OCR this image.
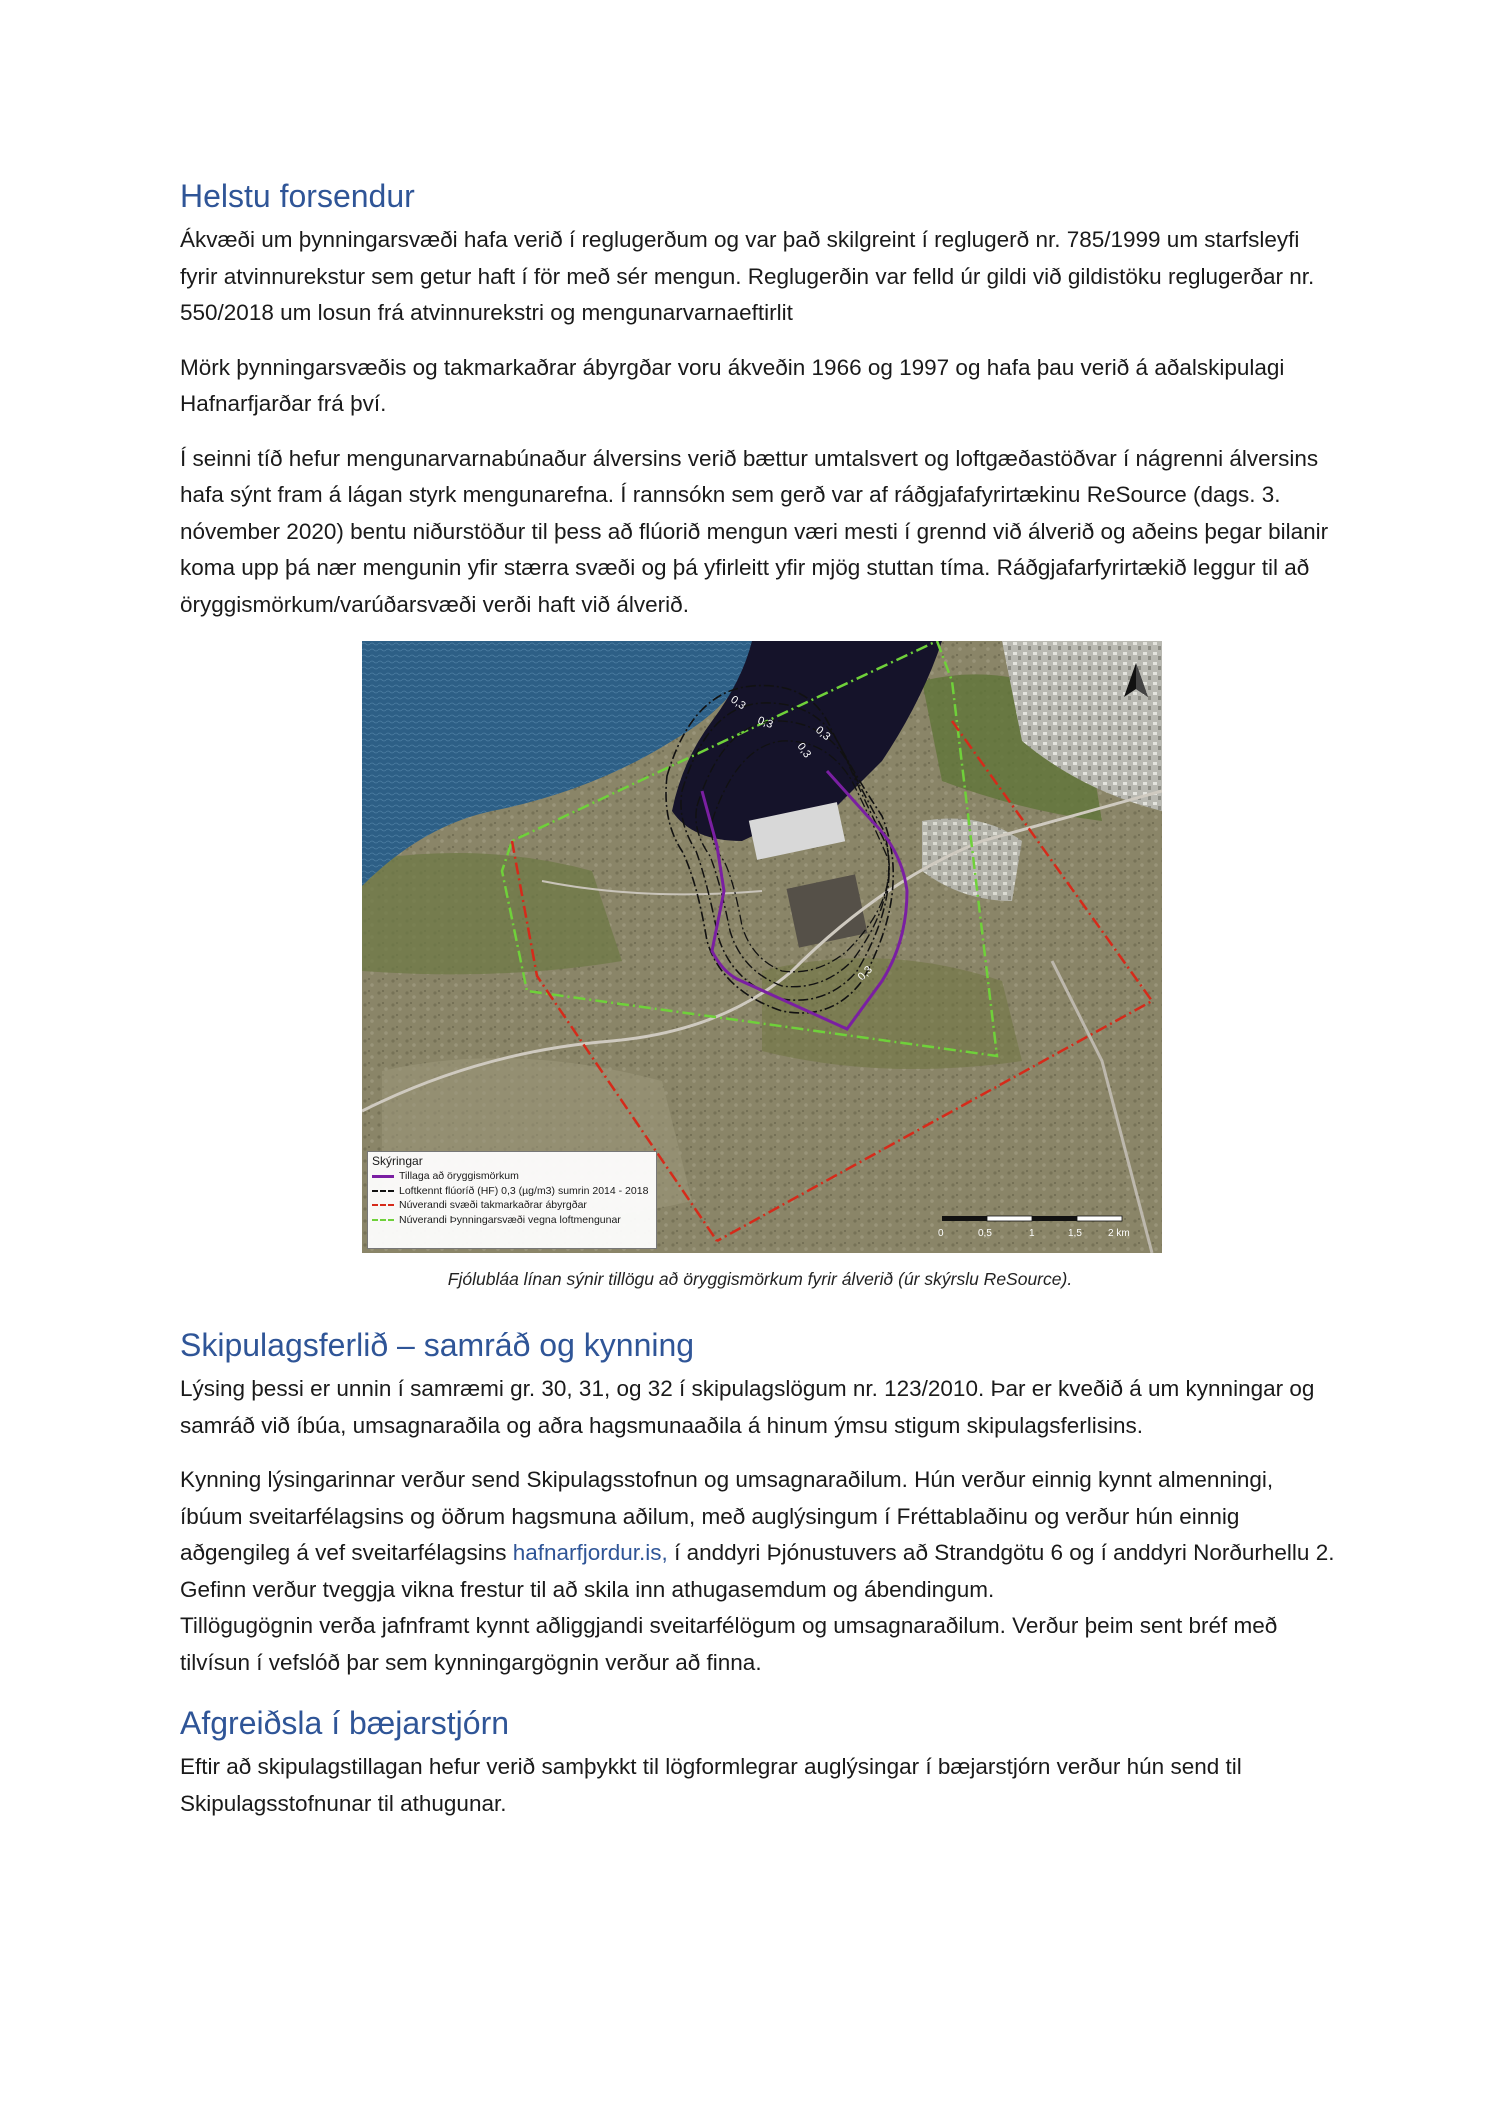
Helstu forsendur

Ákvæði um þynningarsvæði hafa verið í reglugerðum og var það skilgreint í reglugerð nr. 785/1999 um starfsleyfi fyrir atvinnurekstur sem getur haft í för með sér mengun. Reglugerðin var felld úr gildi við gildistöku reglugerðar nr. 550/2018 um losun frá atvinnurekstri og mengunarvarnaeftirlit

Mörk þynningarsvæðis og takmarkaðrar ábyrgðar voru ákveðin 1966 og 1997 og hafa þau verið á aðalskipulagi Hafnarfjarðar frá því.

Í seinni tíð hefur mengunarvarnabúnaður álversins verið bættur umtalsvert og loftgæðastöðvar í nágrenni álversins hafa sýnt fram á lágan styrk mengunarefna. Í rannsókn sem gerð var af ráðgjafafyrirtækinu ReSource (dags. 3. nóvember 2020) bentu niðurstöður til þess að flúorið mengun væri mesti í grennd við álverið og aðeins þegar bilanir koma upp þá nær mengunin yfir stærra svæði og þá yfirleitt yfir mjög stuttan tíma. Ráðgjafarfyrirtækið leggur til að öryggismörkum/varúðarsvæði verði haft við álverið.

0,3
0,3
0,3
0,3
0,3
Skýringar
Tillaga að öryggismörkum
Loftkennt flúoríð (HF) 0,3 (µg/m3) sumrin 2014 - 2018
Núverandi svæði takmarkaðrar ábyrgðar
Núverandi Þynningarsvæði vegna loftmengunar
0	0,5	1	1,5	2 km
Fjólubláa línan sýnir tillögu að öryggismörkum fyrir álverið (úr skýrslu ReSource).
Skipulagsferlið – samráð og kynning

Lýsing þessi er unnin í samræmi gr. 30, 31, og 32 í skipulagslögum nr. 123/2010. Þar er kveðið á um kynningar og samráð við íbúa, umsagnaraðila og aðra hagsmunaaðila á hinum ýmsu stigum skipulagsferlisins.

Kynning lýsingarinnar verður send Skipulagsstofnun og umsagnaraðilum. Hún verður einnig kynnt almenningi, íbúum sveitarfélagsins og öðrum hagsmuna aðilum, með auglýsingum í Fréttablaðinu og verður hún einnig aðgengileg á vef sveitarfélagsins hafnarfjordur.is, í anddyri Þjónustuvers að Strandgötu 6 og í anddyri Norðurhellu 2. Gefinn verður tveggja vikna frestur til að skila inn athugasemdum og ábendingum.

Tillögugögnin verða jafnframt kynnt aðliggjandi sveitarfélögum og umsagnaraðilum. Verður þeim sent bréf með tilvísun í vefslóð þar sem kynningargögnin verður að finna.

Afgreiðsla í bæjarstjórn

Eftir að skipulagstillagan hefur verið samþykkt til lögformlegrar auglýsingar í bæjarstjórn verður hún send til Skipulagsstofnunar til athugunar.
